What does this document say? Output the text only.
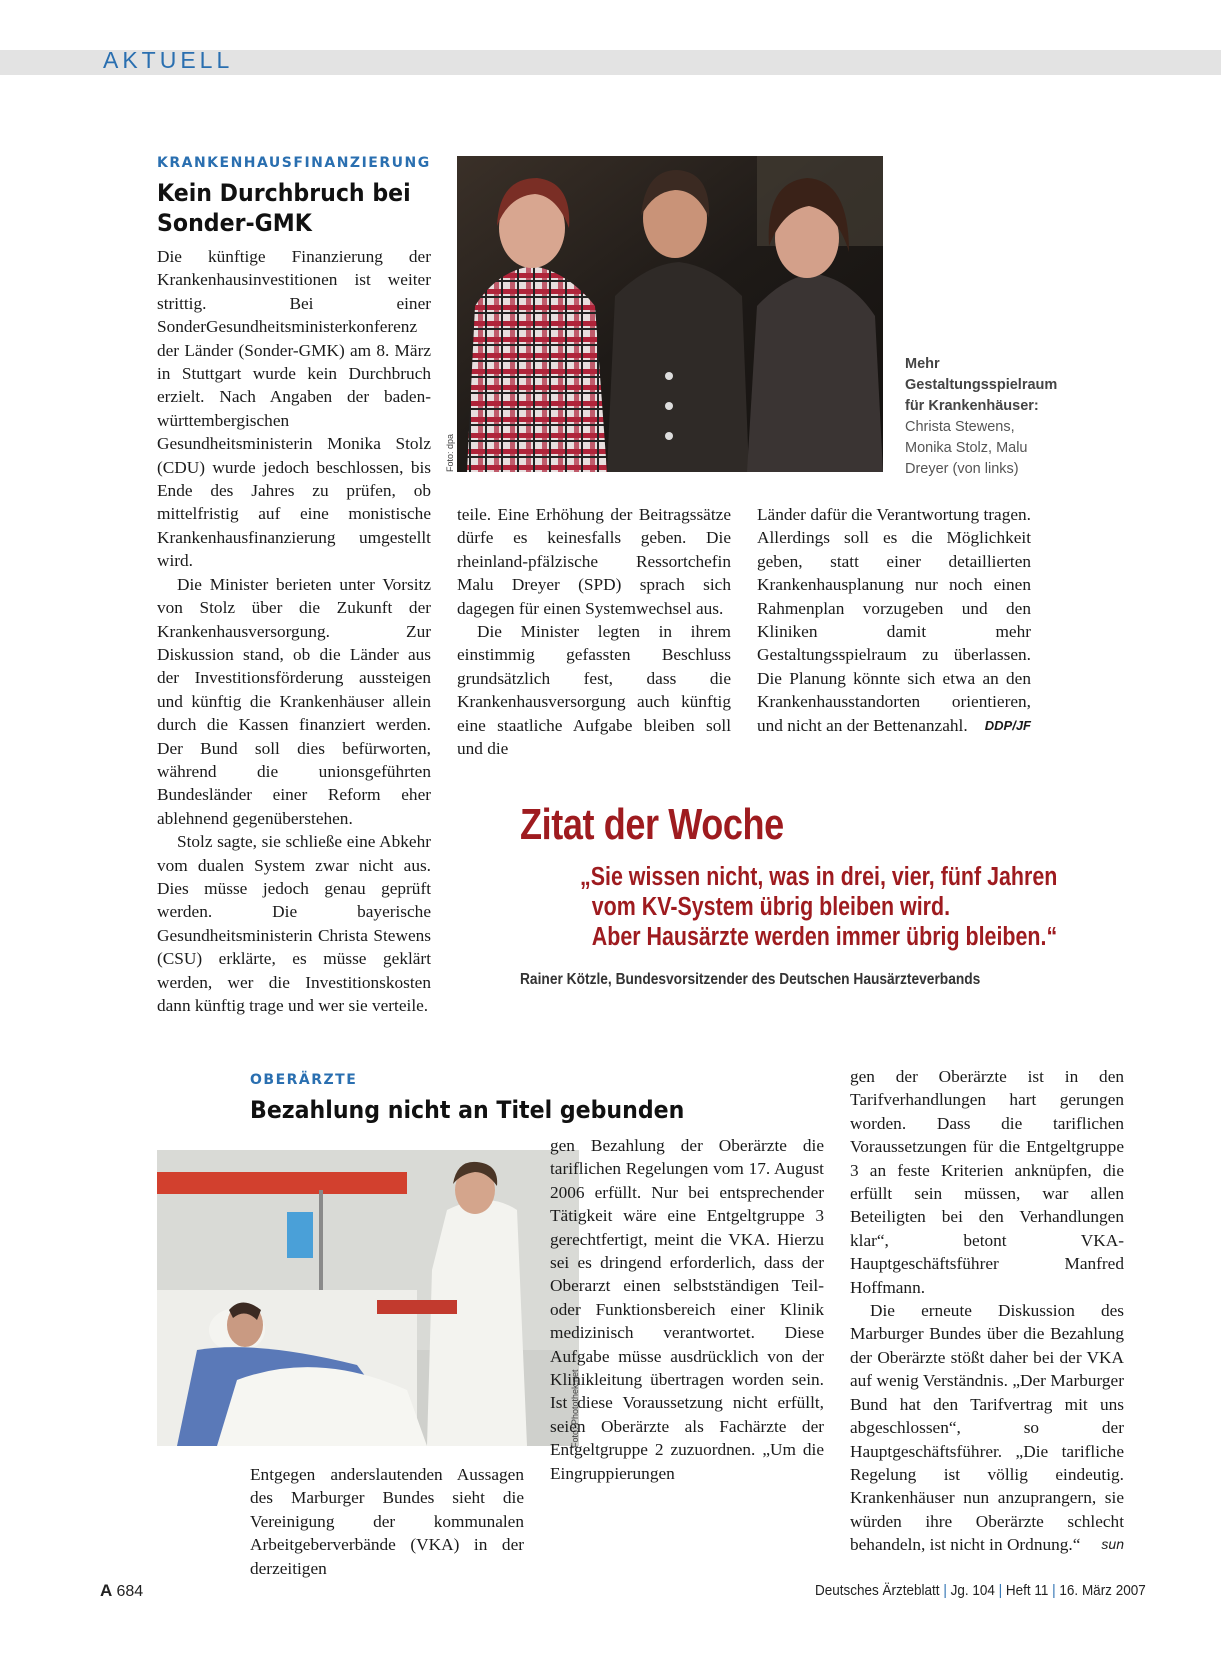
AKTUELL
KRANKENHAUSFINANZIERUNG
Kein Durchbruch bei
Sonder-GMK

Die künftige Finanzierung der Krankenhausinvestitionen ist weiter strittig. Bei einer SonderGesundheitsministerkonferenz der Länder (Sonder-GMK) am 8. März in Stuttgart wurde kein Durchbruch erzielt. Nach Angaben der baden-württembergischen Gesundheitsministerin Monika Stolz (CDU) wurde jedoch beschlossen, bis Ende des Jahres zu prüfen, ob mittelfristig auf eine monistische Krankenhausfinanzierung umgestellt wird.

Die Minister berieten unter Vorsitz von Stolz über die Zukunft der Krankenhausversorgung. Zur Diskussion stand, ob die Länder aus der Investitionsförderung aussteigen und künftig die Krankenhäuser allein durch die Kassen finanziert werden. Der Bund soll dies befürworten, während die unionsgeführten Bundesländer einer Reform eher ablehnend gegenüberstehen.

Stolz sagte, sie schließe eine Abkehr vom dualen System zwar nicht aus. Dies müsse jedoch genau geprüft werden. Die bayerische Gesundheitsministerin Christa Stewens (CSU) erklärte, es müsse geklärt werden, wer die Investitionskosten dann künftig trage und wer sie verteile.

Foto: dpa
Mehr Gestaltungsspielraum für Krankenhäuser: Christa Stewens, Monika Stolz, Malu Dreyer (von links)

teile. Eine Erhöhung der Beitragssätze dürfe es keinesfalls geben. Die rheinland-pfälzische Ressortchefin Malu Dreyer (SPD) sprach sich dagegen für einen Systemwechsel aus.

Die Minister legten in ihrem einstimmig gefassten Beschluss grundsätzlich fest, dass die Krankenhausversorgung auch künftig eine staatliche Aufgabe bleiben soll und die

Länder dafür die Verantwortung tragen. Allerdings soll es die Möglichkeit geben, statt einer detaillierten Krankenhausplanung nur noch einen Rahmenplan vorzugeben und den Kliniken damit mehr Gestaltungsspielraum zu überlassen. Die Planung könnte sich etwa an den Krankenhausstandorten orientieren, und nicht an der Bettenanzahl. DDP/JF

Zitat der Woche
„Sie wissen nicht, was in drei, vier, fünf Jahren
vom KV-System übrig bleiben wird.
Aber Hausärzte werden immer übrig bleiben.“
Rainer Kötzle, Bundesvorsitzender des Deutschen Hausärzteverbands
OBERÄRZTE
Bezahlung nicht an Titel gebunden
Foto: Photothek.net

Entgegen anderslautenden Aussagen des Marburger Bundes sieht die Vereinigung der kommunalen Arbeitgeberverbände (VKA) in der derzeitigen

gen Bezahlung der Oberärzte die tariflichen Regelungen vom 17. August 2006 erfüllt. Nur bei entsprechender Tätigkeit wäre eine Entgeltgruppe 3 gerechtfertigt, meint die VKA. Hierzu sei es dringend erforderlich, dass der Oberarzt einen selbstständigen Teil- oder Funktionsbereich einer Klinik medizinisch verantwortet. Diese Aufgabe müsse ausdrücklich von der Klinikleitung übertragen worden sein. Ist diese Voraussetzung nicht erfüllt, seien Oberärzte als Fachärzte der Entgeltgruppe 2 zuzuordnen. „Um die Eingruppierungen

gen der Oberärzte ist in den Tarifverhandlungen hart gerungen worden. Dass die tariflichen Voraussetzungen für die Entgeltgruppe 3 an feste Kriterien anknüpfen, die erfüllt sein müssen, war allen Beteiligten bei den Verhandlungen klar“, betont VKA-Hauptgeschäftsführer Manfred Hoffmann.

Die erneute Diskussion des Marburger Bundes über die Bezahlung der Oberärzte stößt daher bei der VKA auf wenig Verständnis. „Der Marburger Bund hat den Tarifvertrag mit uns abgeschlossen“, so der Hauptgeschäftsführer. „Die tarifliche Regelung ist völlig eindeutig. Krankenhäuser nun anzuprangern, sie würden ihre Oberärzte schlecht behandeln, ist nicht in Ordnung.“	sun

A 684	Deutsches Ärzteblatt | Jg. 104 | Heft 11 | 16. März 2007
